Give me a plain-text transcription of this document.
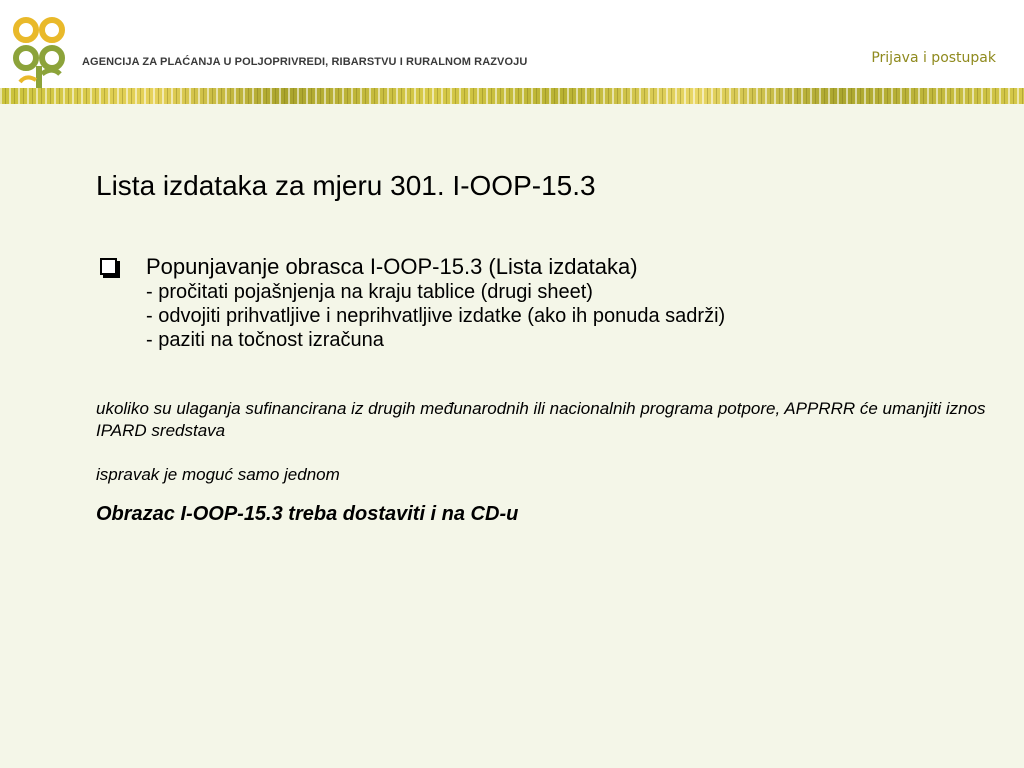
AGENCIJA ZA PLAĆANJA U POLJOPRIVREDI, RIBARSTVU I RURALNOM RAZVOJU	Prijava i postupak
Lista izdataka za mjeru 301. I-OOP-15.3
Popunjavanje obrasca I-OOP-15.3 (Lista izdataka)
- pročitati pojašnjenja na kraju tablice (drugi sheet)
- odvojiti prihvatljive i neprihvatljive izdatke (ako ih ponuda sadrži)
- paziti na točnost izračuna
ukoliko su ulaganja sufinancirana iz drugih međunarodnih ili nacionalnih programa potpore, APPRRR će umanjiti iznos IPARD sredstava
ispravak je moguć samo jednom
Obrazac I-OOP-15.3 treba dostaviti i na CD-u
